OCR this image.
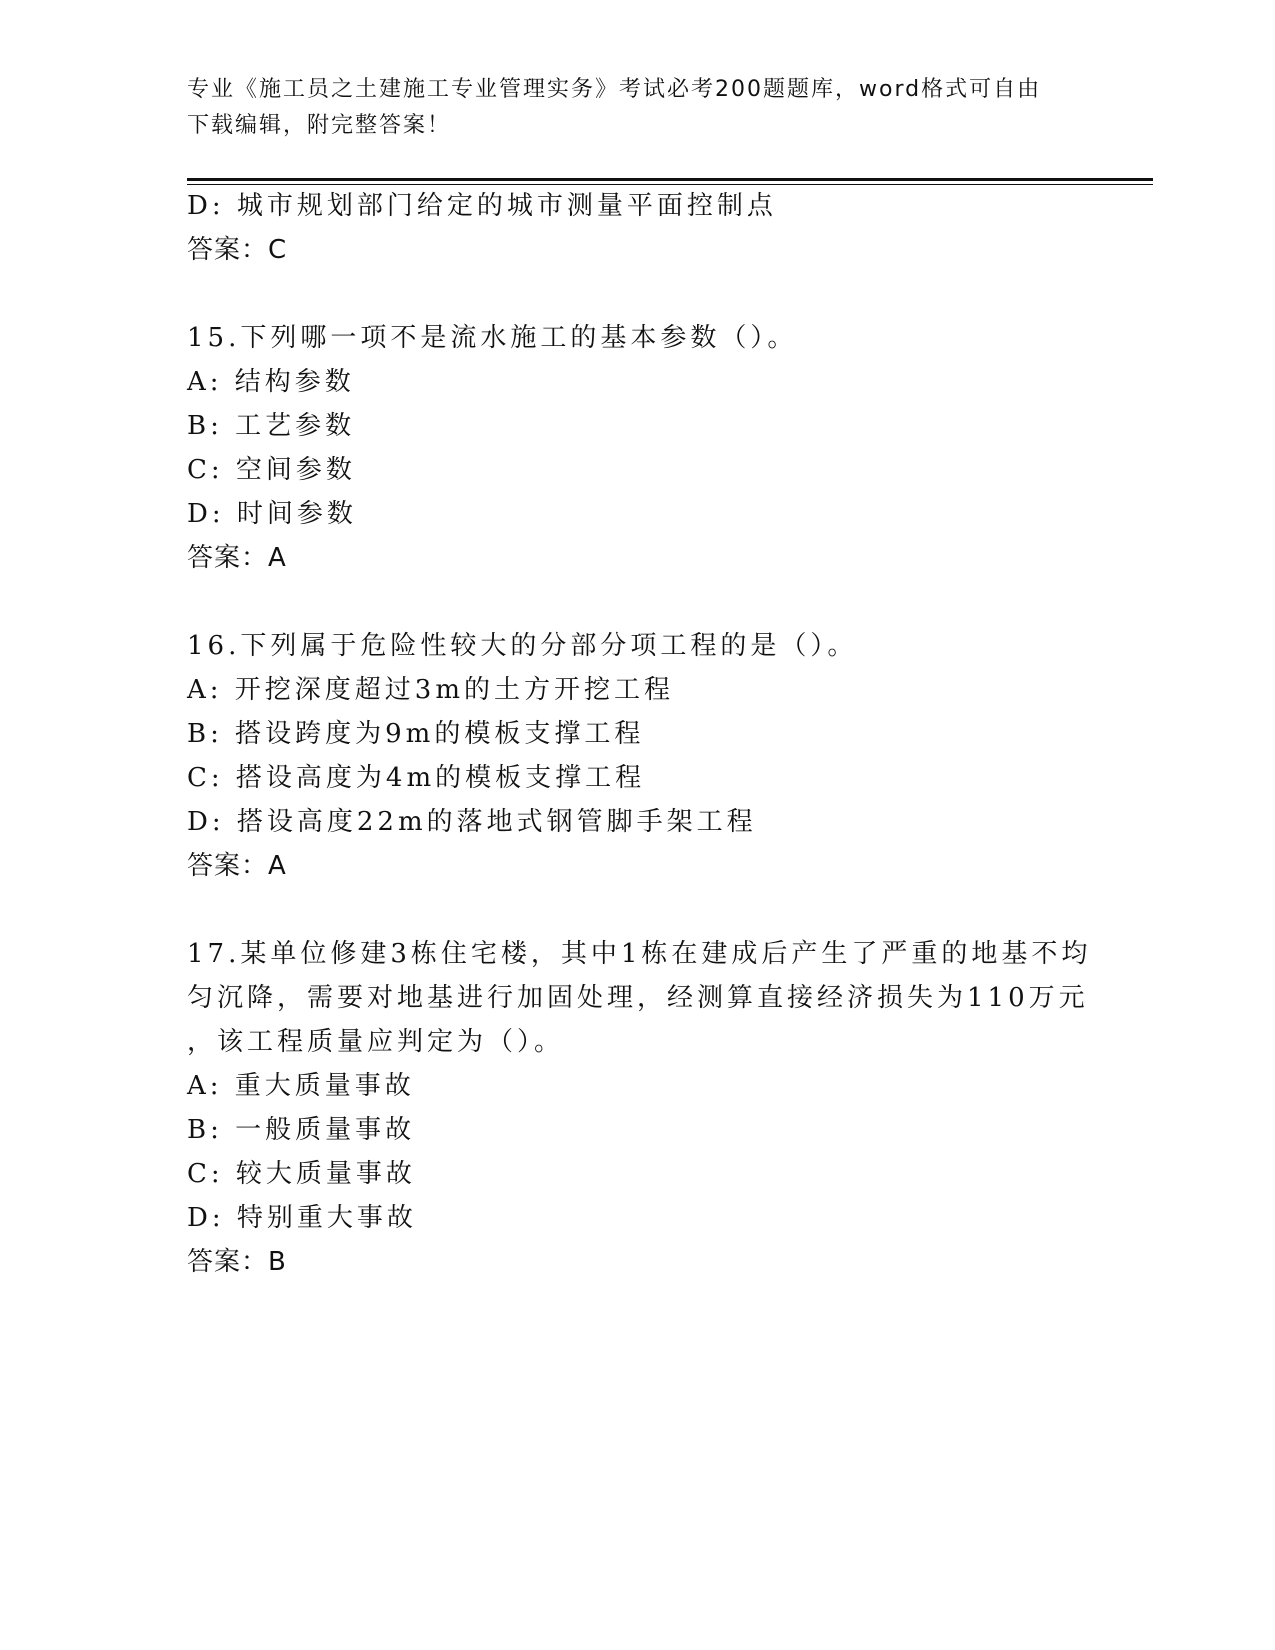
专业《施工员之土建施工专业管理实务》考试必考200题题库，word格式可自由
下载编辑，附完整答案！
D: 城市规划部门给定的城市测量平面控制点
答案：C
15.下列哪一项不是流水施工的基本参数（）。
A: 结构参数
B: 工艺参数
C: 空间参数
D: 时间参数
答案：A
16.下列属于危险性较大的分部分项工程的是（）。
A: 开挖深度超过3m的土方开挖工程
B: 搭设跨度为9m的模板支撑工程
C: 搭设高度为4m的模板支撑工程
D: 搭设高度22m的落地式钢管脚手架工程
答案：A
17.某单位修建3栋住宅楼，其中1栋在建成后产生了严重的地基不均
匀沉降，需要对地基进行加固处理，经测算直接经济损失为110万元
，该工程质量应判定为（）。
A: 重大质量事故
B: 一般质量事故
C: 较大质量事故
D: 特别重大事故
答案：B
